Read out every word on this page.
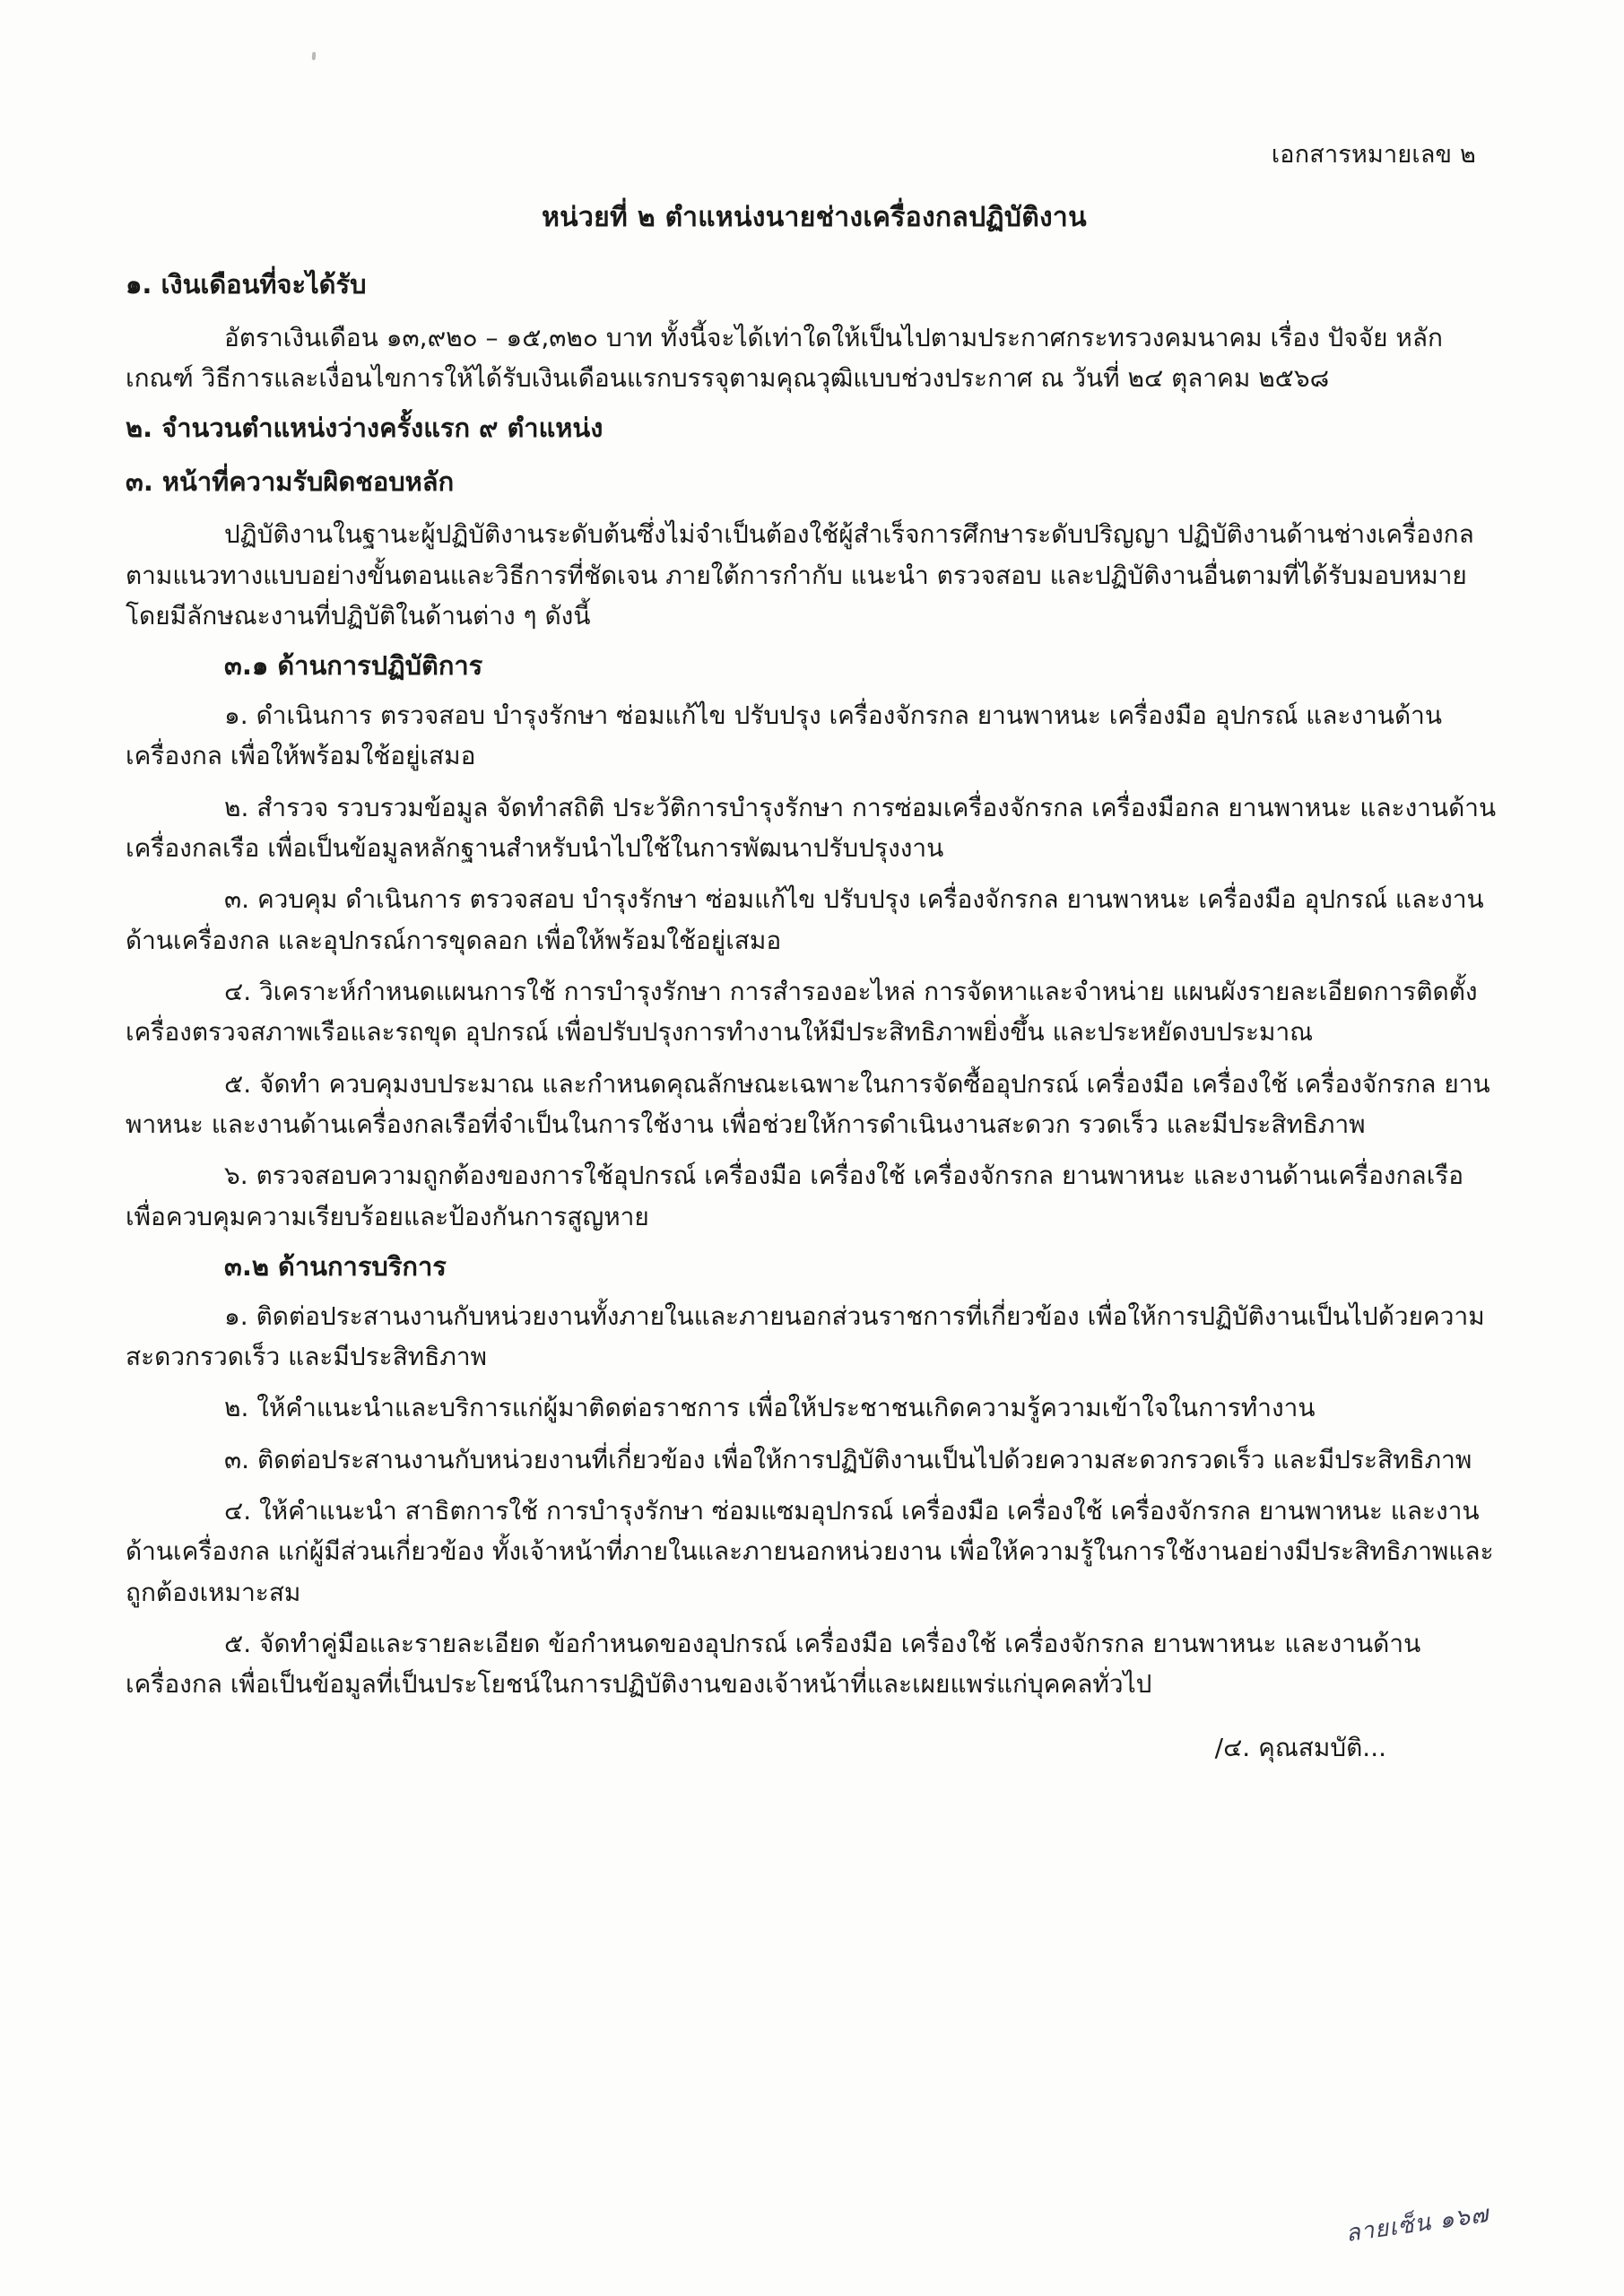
เอกสารหมายเลข ๒
หน่วยที่ ๒ ตำแหน่งนายช่างเครื่องกลปฏิบัติงาน
๑. เงินเดือนที่จะได้รับ
อัตราเงินเดือน ๑๓,๙๒๐ – ๑๕,๓๒๐ บาท ทั้งนี้จะได้เท่าใดให้เป็นไปตามประกาศกระทรวงคมนาคม เรื่อง ปัจจัย หลักเกณฑ์ วิธีการและเงื่อนไขการให้ได้รับเงินเดือนแรกบรรจุตามคุณวุฒิแบบช่วงประกาศ ณ วันที่ ๒๔ ตุลาคม ๒๕๖๘
๒. จำนวนตำแหน่งว่างครั้งแรก ๙ ตำแหน่ง
๓. หน้าที่ความรับผิดชอบหลัก
ปฏิบัติงานในฐานะผู้ปฏิบัติงานระดับต้นซึ่งไม่จำเป็นต้องใช้ผู้สำเร็จการศึกษาระดับปริญญา ปฏิบัติงานด้านช่างเครื่องกล ตามแนวทางแบบอย่างขั้นตอนและวิธีการที่ชัดเจน ภายใต้การกำกับ แนะนำ ตรวจสอบ และปฏิบัติงานอื่นตามที่ได้รับมอบหมาย โดยมีลักษณะงานที่ปฏิบัติในด้านต่าง ๆ ดังนี้
๓.๑ ด้านการปฏิบัติการ
๑. ดำเนินการ ตรวจสอบ บำรุงรักษา ซ่อมแก้ไข ปรับปรุง เครื่องจักรกล ยานพาหนะ เครื่องมือ อุปกรณ์ และงานด้านเครื่องกล เพื่อให้พร้อมใช้อยู่เสมอ
๒. สำรวจ รวบรวมข้อมูล จัดทำสถิติ ประวัติการบำรุงรักษา การซ่อมเครื่องจักรกล เครื่องมือกล ยานพาหนะ และงานด้านเครื่องกลเรือ เพื่อเป็นข้อมูลหลักฐานสำหรับนำไปใช้ในการพัฒนาปรับปรุงงาน
๓. ควบคุม ดำเนินการ ตรวจสอบ บำรุงรักษา ซ่อมแก้ไข ปรับปรุง เครื่องจักรกล ยานพาหนะ เครื่องมือ อุปกรณ์ และงานด้านเครื่องกล และอุปกรณ์การขุดลอก เพื่อให้พร้อมใช้อยู่เสมอ
๔. วิเคราะห์กำหนดแผนการใช้ การบำรุงรักษา การสำรองอะไหล่ การจัดหาและจำหน่าย แผนผังรายละเอียดการติดตั้งเครื่องตรวจสภาพเรือและรถขุด อุปกรณ์ เพื่อปรับปรุงการทำงานให้มีประสิทธิภาพยิ่งขึ้น และประหยัดงบประมาณ
๕. จัดทำ ควบคุมงบประมาณ และกำหนดคุณลักษณะเฉพาะในการจัดซื้ออุปกรณ์ เครื่องมือ เครื่องใช้ เครื่องจักรกล ยานพาหนะ และงานด้านเครื่องกลเรือที่จำเป็นในการใช้งาน เพื่อช่วยให้การดำเนินงานสะดวก รวดเร็ว และมีประสิทธิภาพ
๖. ตรวจสอบความถูกต้องของการใช้อุปกรณ์ เครื่องมือ เครื่องใช้ เครื่องจักรกล ยานพาหนะ และงานด้านเครื่องกลเรือ เพื่อควบคุมความเรียบร้อยและป้องกันการสูญหาย
๓.๒ ด้านการบริการ
๑. ติดต่อประสานงานกับหน่วยงานทั้งภายในและภายนอกส่วนราชการที่เกี่ยวข้อง เพื่อให้การปฏิบัติงานเป็นไปด้วยความสะดวกรวดเร็ว และมีประสิทธิภาพ
๒. ให้คำแนะนำและบริการแก่ผู้มาติดต่อราชการ เพื่อให้ประชาชนเกิดความรู้ความเข้าใจในการทำงาน
๓. ติดต่อประสานงานกับหน่วยงานที่เกี่ยวข้อง เพื่อให้การปฏิบัติงานเป็นไปด้วยความสะดวกรวดเร็ว และมีประสิทธิภาพ
๔. ให้คำแนะนำ สาธิตการใช้ การบำรุงรักษา ซ่อมแซมอุปกรณ์ เครื่องมือ เครื่องใช้ เครื่องจักรกล ยานพาหนะ และงานด้านเครื่องกล แก่ผู้มีส่วนเกี่ยวข้อง ทั้งเจ้าหน้าที่ภายในและภายนอกหน่วยงาน เพื่อให้ความรู้ในการใช้งานอย่างมีประสิทธิภาพและถูกต้องเหมาะสม
๕. จัดทำคู่มือและรายละเอียด ข้อกำหนดของอุปกรณ์ เครื่องมือ เครื่องใช้ เครื่องจักรกล ยานพาหนะ และงานด้านเครื่องกล เพื่อเป็นข้อมูลที่เป็นประโยชน์ในการปฏิบัติงานของเจ้าหน้าที่และเผยแพร่แก่บุคคลทั่วไป
/๔. คุณสมบัติ...
ลายเซ็น ๑๖๗
